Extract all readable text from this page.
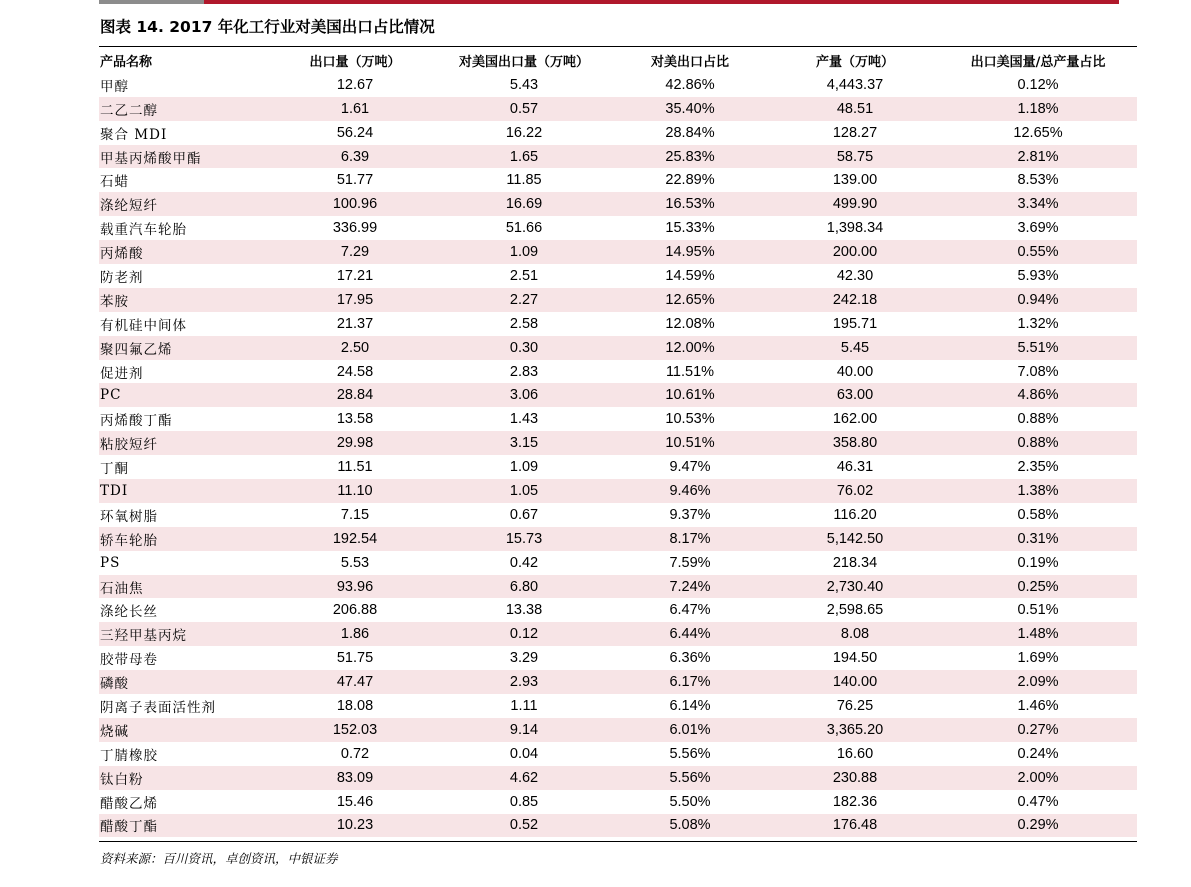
图表 14. 2017 年化工行业对美国出口占比情况
产品名称	出口量（万吨）	对美国出口量（万吨）	对美出口占比	产量（万吨）	出口美国量/总产量占比
甲醇	12.67	5.43	42.86%	4,443.37	0.12%
二乙二醇	1.61	0.57	35.40%	48.51	1.18%
聚合 MDI	56.24	16.22	28.84%	128.27	12.65%
甲基丙烯酸甲酯	6.39	1.65	25.83%	58.75	2.81%
石蜡	51.77	11.85	22.89%	139.00	8.53%
涤纶短纤	100.96	16.69	16.53%	499.90	3.34%
载重汽车轮胎	336.99	51.66	15.33%	1,398.34	3.69%
丙烯酸	7.29	1.09	14.95%	200.00	0.55%
防老剂	17.21	2.51	14.59%	42.30	5.93%
苯胺	17.95	2.27	12.65%	242.18	0.94%
有机硅中间体	21.37	2.58	12.08%	195.71	1.32%
聚四氟乙烯	2.50	0.30	12.00%	5.45	5.51%
促进剂	24.58	2.83	11.51%	40.00	7.08%
PC	28.84	3.06	10.61%	63.00	4.86%
丙烯酸丁酯	13.58	1.43	10.53%	162.00	0.88%
粘胶短纤	29.98	3.15	10.51%	358.80	0.88%
丁酮	11.51	1.09	9.47%	46.31	2.35%
TDI	11.10	1.05	9.46%	76.02	1.38%
环氧树脂	7.15	0.67	9.37%	116.20	0.58%
轿车轮胎	192.54	15.73	8.17%	5,142.50	0.31%
PS	5.53	0.42	7.59%	218.34	0.19%
石油焦	93.96	6.80	7.24%	2,730.40	0.25%
涤纶长丝	206.88	13.38	6.47%	2,598.65	0.51%
三羟甲基丙烷	1.86	0.12	6.44%	8.08	1.48%
胶带母卷	51.75	3.29	6.36%	194.50	1.69%
磷酸	47.47	2.93	6.17%	140.00	2.09%
阴离子表面活性剂	18.08	1.11	6.14%	76.25	1.46%
烧碱	152.03	9.14	6.01%	3,365.20	0.27%
丁腈橡胶	0.72	0.04	5.56%	16.60	0.24%
钛白粉	83.09	4.62	5.56%	230.88	2.00%
醋酸乙烯	15.46	0.85	5.50%	182.36	0.47%
醋酸丁酯	10.23	0.52	5.08%	176.48	0.29%
资料来源：百川资讯，卓创资讯，中银证券
